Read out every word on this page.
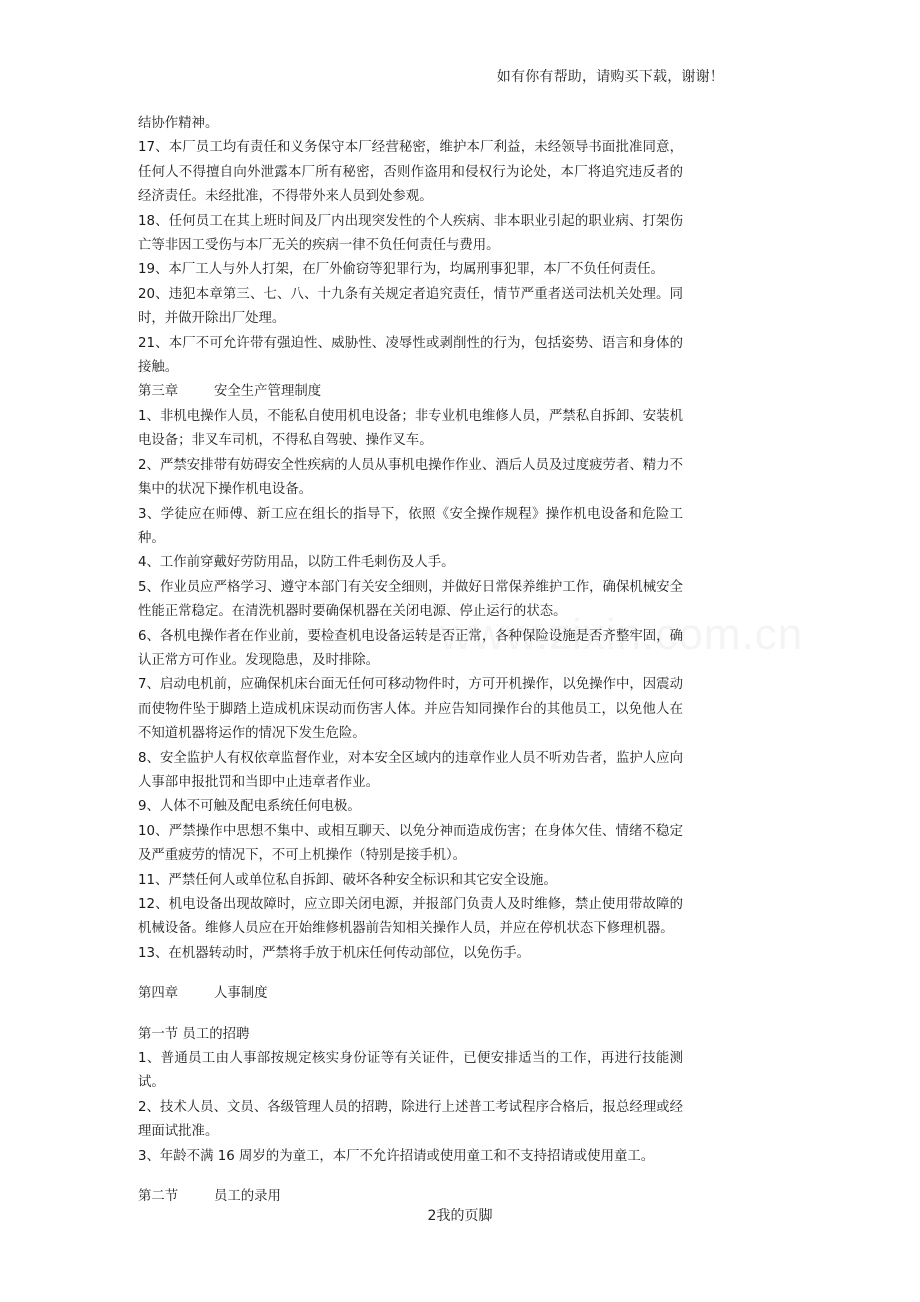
如有你有帮助，请购买下载，谢谢！

结协作精神。

17、本厂员工均有责任和义务保守本厂经营秘密，维护本厂利益，未经领导书面批准同意，任何人不得擅自向外泄露本厂所有秘密，否则作盗用和侵权行为论处，本厂将追究违反者的经济责任。未经批准，不得带外来人员到处参观。

18、任何员工在其上班时间及厂内出现突发性的个人疾病、非本职业引起的职业病、打架伤亡等非因工受伤与本厂无关的疾病一律不负任何责任与费用。

19、本厂工人与外人打架，在厂外偷窃等犯罪行为，均属刑事犯罪，本厂不负任何责任。

20、违犯本章第三、七、八、十九条有关规定者追究责任，情节严重者送司法机关处理。同时，并做开除出厂处理。

21、本厂不可允许带有强迫性、威胁性、凌辱性或剥削性的行为，包括姿势、语言和身体的接触。

第三章	安全生产管理制度

1、非机电操作人员，不能私自使用机电设备；非专业机电维修人员，严禁私自拆卸、安装机电设备；非叉车司机，不得私自驾驶、操作叉车。

2、严禁安排带有妨碍安全性疾病的人员从事机电操作作业、酒后人员及过度疲劳者、精力不集中的状况下操作机电设备。

3、学徒应在师傅、新工应在组长的指导下，依照《安全操作规程》操作机电设备和危险工种。

4、工作前穿戴好劳防用品，以防工件毛刺伤及人手。

5、作业员应严格学习、遵守本部门有关安全细则，并做好日常保养维护工作，确保机械安全性能正常稳定。在清洗机器时要确保机器在关闭电源、停止运行的状态。

6、各机电操作者在作业前，要检查机电设备运转是否正常，各种保险设施是否齐整牢固，确认正常方可作业。发现隐患，及时排除。

7、启动电机前，应确保机床台面无任何可移动物件时，方可开机操作，以免操作中，因震动而使物件坠于脚踏上造成机床误动而伤害人体。并应告知同操作台的其他员工，以免他人在不知道机器将运作的情况下发生危险。

8、安全监护人有权依章监督作业，对本安全区域内的违章作业人员不听劝告者，监护人应向人事部申报批罚和当即中止违章者作业。

9、人体不可触及配电系统任何电极。

10、严禁操作中思想不集中、或相互聊天、以免分神而造成伤害；在身体欠佳、情绪不稳定及严重疲劳的情况下，不可上机操作（特别是接手机）。

11、严禁任何人或单位私自拆卸、破坏各种安全标识和其它安全设施。

12、机电设备出现故障时，应立即关闭电源，并报部门负责人及时维修，禁止使用带故障的机械设备。维修人员应在开始维修机器前告知相关操作人员，并应在停机状态下修理机器。

13、在机器转动时，严禁将手放于机床任何传动部位，以免伤手。

第四章	人事制度

第一节 员工的招聘

1、普通员工由人事部按规定核实身份证等有关证件，已便安排适当的工作，再进行技能测试。

2、技术人员、文员、各级管理人员的招聘，除进行上述普工考试程序合格后，报总经理或经理面试批准。

3、年龄不满 16 周岁的为童工，本厂不允许招请或使用童工和不支持招请或使用童工。

第二节	员工的录用

2我的页脚
